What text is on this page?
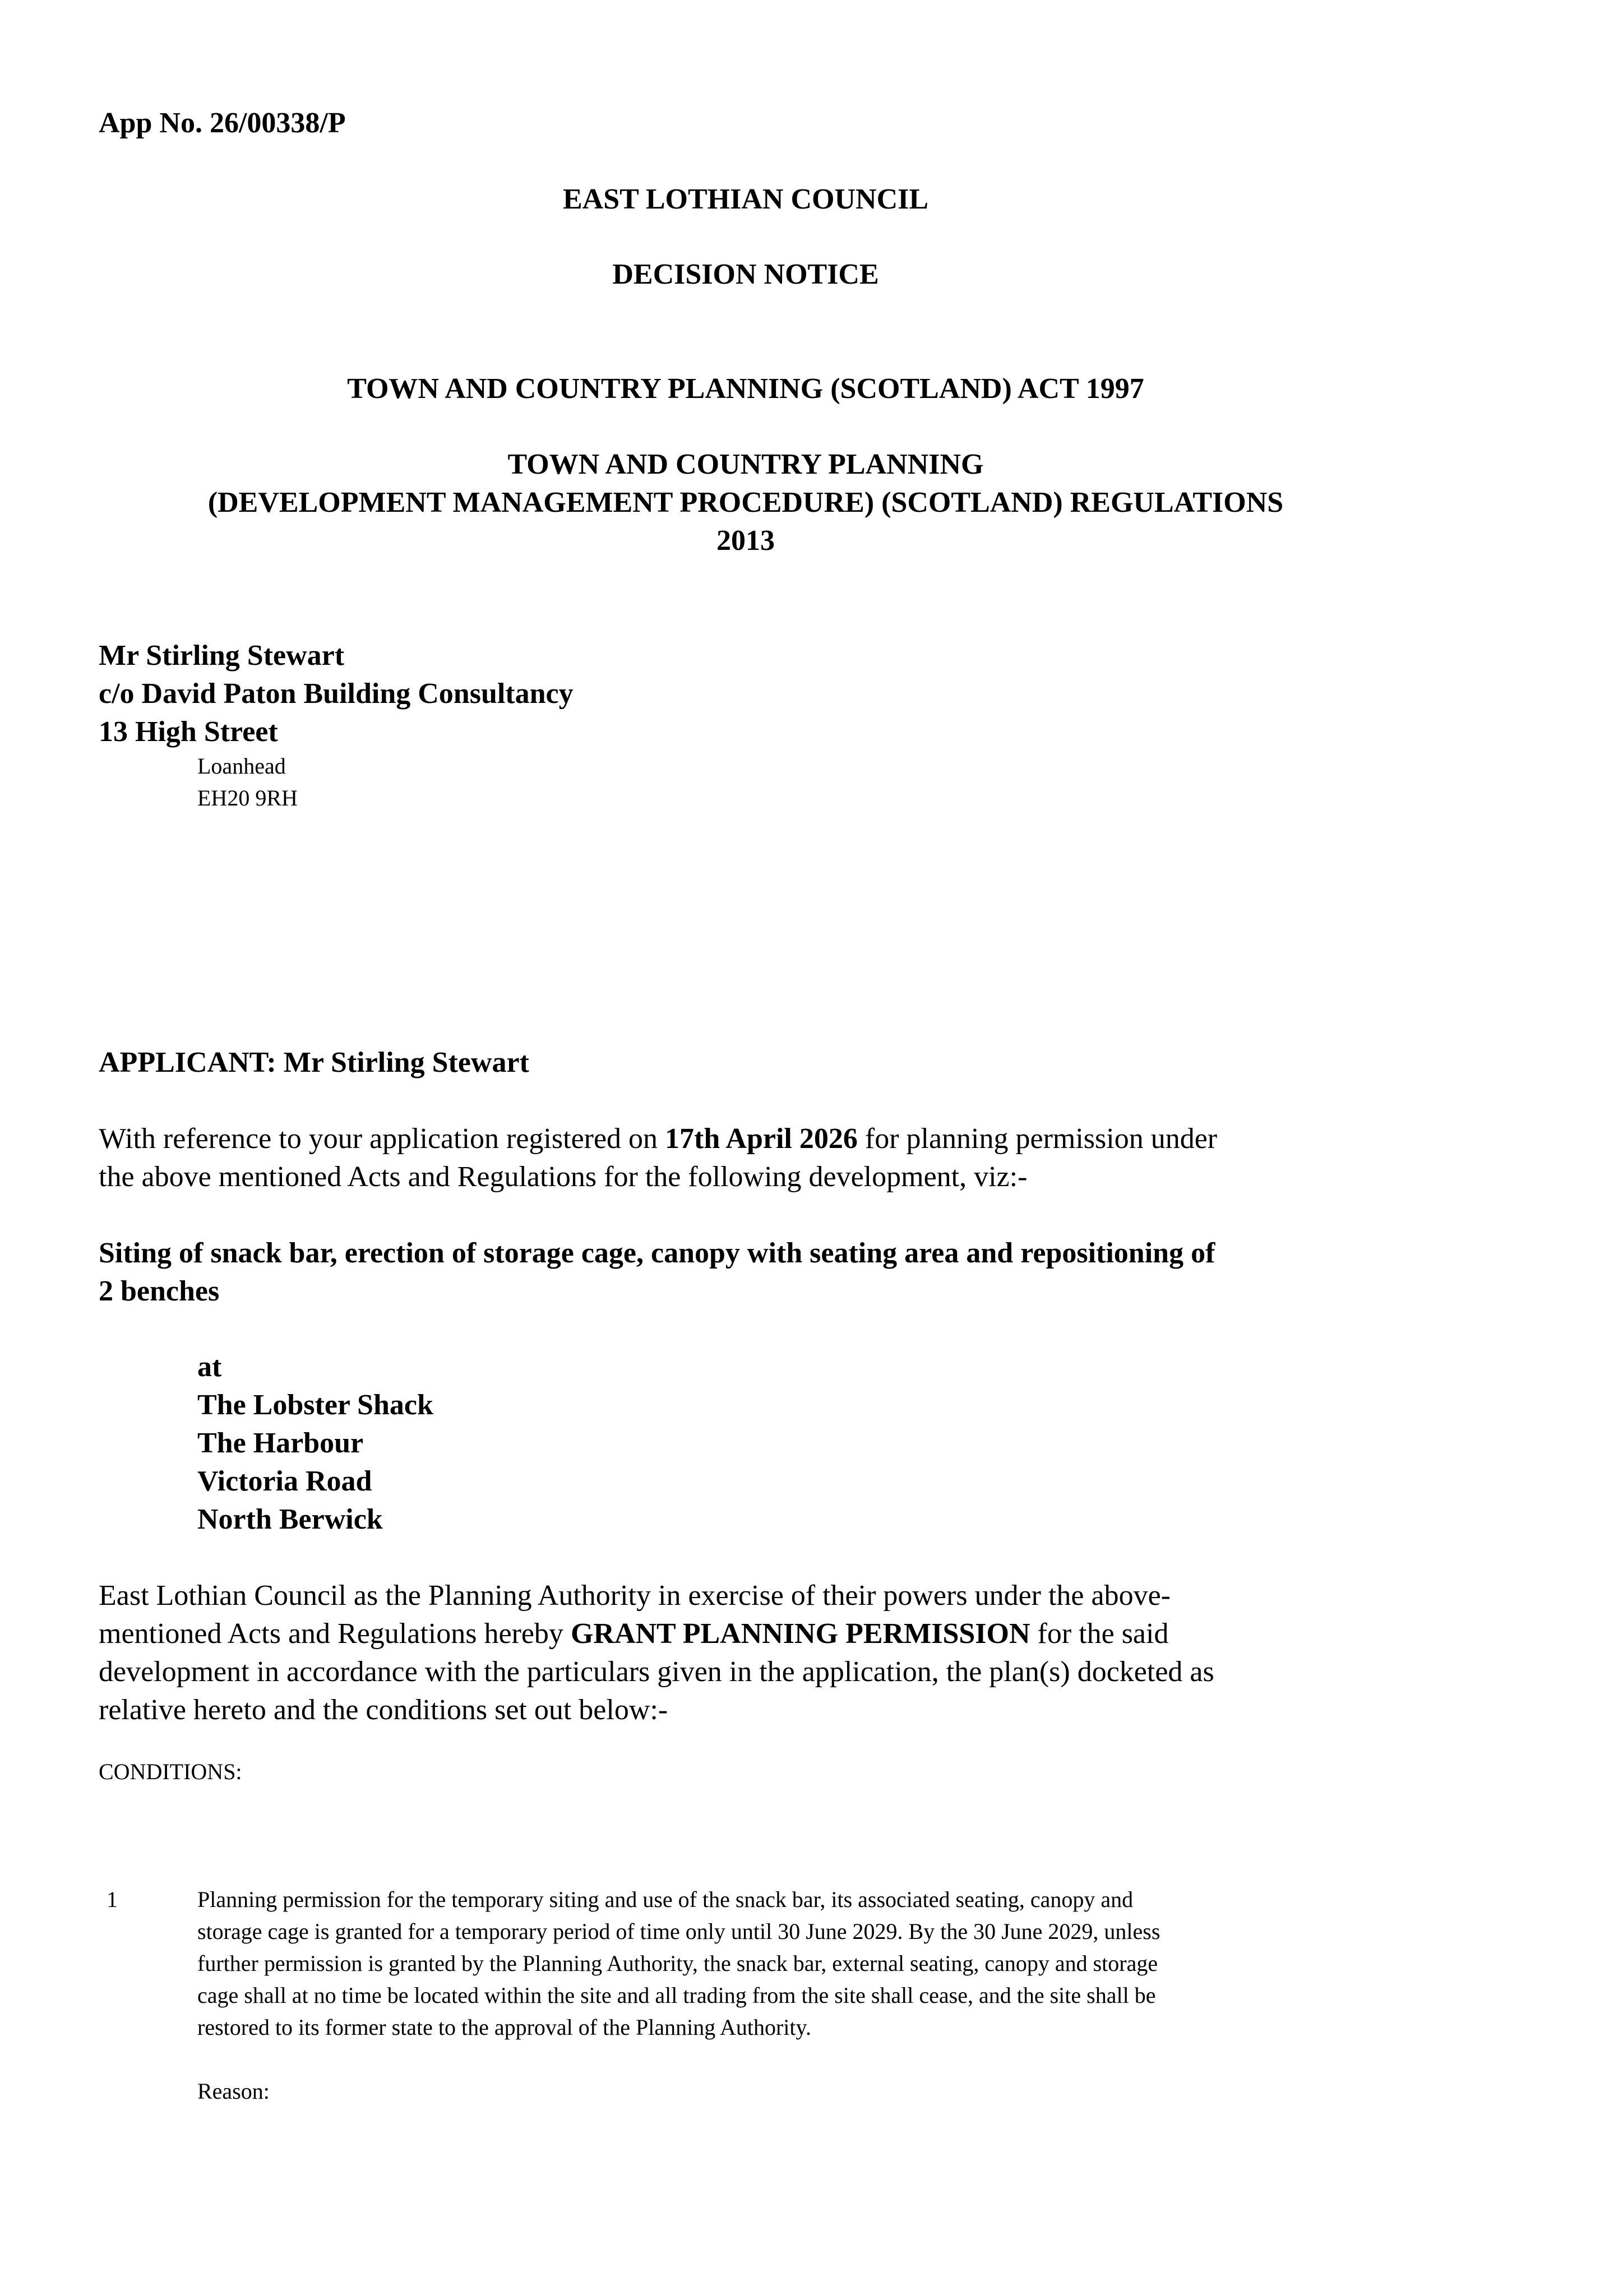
App No. 26/00338/P
EAST LOTHIAN COUNCIL
DECISION NOTICE
TOWN AND COUNTRY PLANNING (SCOTLAND) ACT 1997
TOWN AND COUNTRY PLANNING
(DEVELOPMENT MANAGEMENT PROCEDURE) (SCOTLAND) REGULATIONS
2013
Mr Stirling Stewart
c/o David Paton Building Consultancy
13 High Street
Loanhead
EH20 9RH
APPLICANT: Mr Stirling Stewart
With reference to your application registered on 17th April 2026 for planning permission under
the above mentioned Acts and Regulations for the following development, viz:-
Siting of snack bar, erection of storage cage, canopy with seating area and repositioning of
2 benches
at
The Lobster Shack
The Harbour
Victoria Road
North Berwick
East Lothian Council as the Planning Authority in exercise of their powers under the above-
mentioned Acts and Regulations hereby GRANT PLANNING PERMISSION for the said
development in accordance with the particulars given in the application, the plan(s) docketed as
relative hereto and the conditions set out below:-
CONDITIONS:
1	Planning permission for the temporary siting and use of the snack bar, its associated seating, canopy and
storage cage is granted for a temporary period of time only until 30 June 2029. By the 30 June 2029, unless
further permission is granted by the Planning Authority, the snack bar, external seating, canopy and storage
cage shall at no time be located within the site and all trading from the site shall cease, and the site shall be
restored to its former state to the approval of the Planning Authority.
Reason:
